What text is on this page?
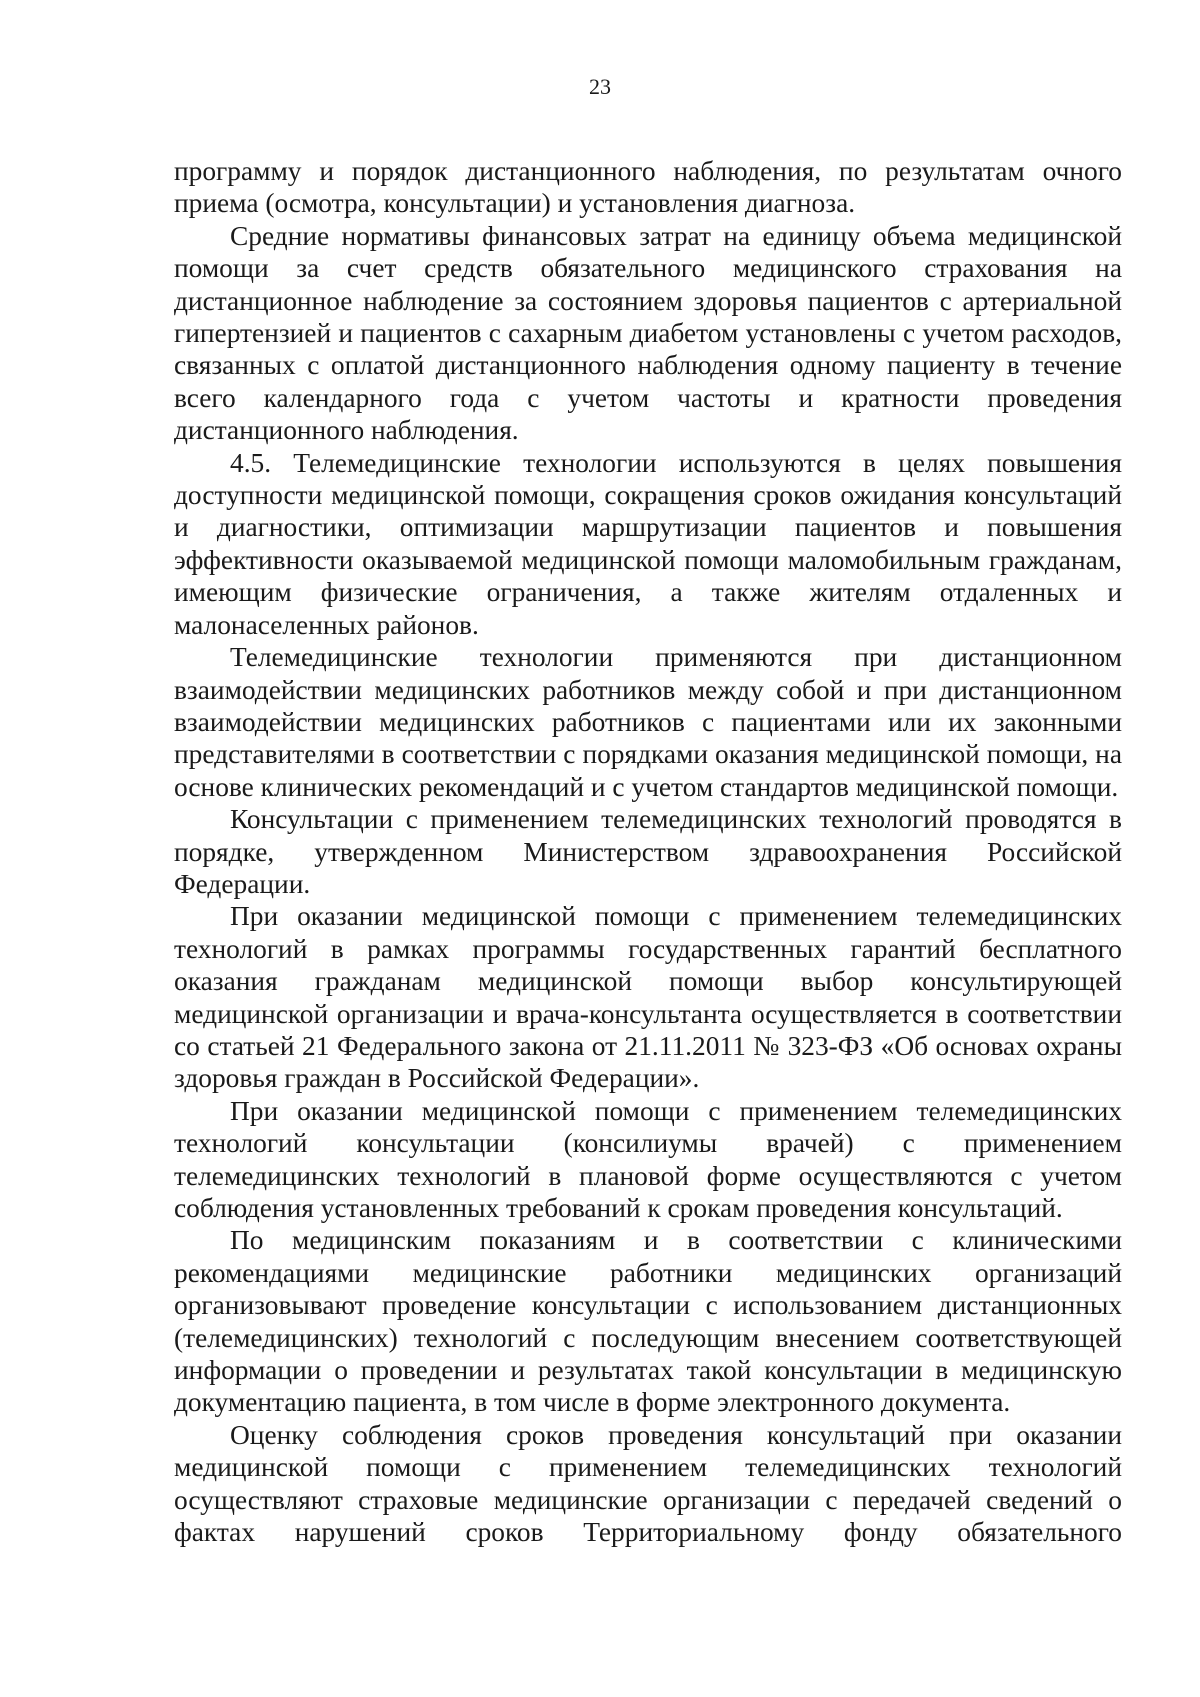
23

программу и порядок дистанционного наблюдения, по результатам очного приема (осмотра, консультации) и установления диагноза.

Средние нормативы финансовых затрат на единицу объема медицинской помощи за счет средств обязательного медицинского страхования на дистанционное наблюдение за состоянием здоровья пациентов с артериальной гипертензией и пациентов с сахарным диабетом установлены с учетом расходов, связанных с оплатой дистанционного наблюдения одному пациенту в течение всего календарного года с учетом частоты и кратности проведения дистанционного наблюдения.

4.5. Телемедицинские технологии используются в целях повышения доступности медицинской помощи, сокращения сроков ожидания консультаций и диагностики, оптимизации маршрутизации пациентов и повышения эффективности оказываемой медицинской помощи маломобильным гражданам, имеющим физические ограничения, а также жителям отдаленных и малонаселенных районов.

Телемедицинские технологии применяются при дистанционном взаимодействии медицинских работников между собой и при дистанционном взаимодействии медицинских работников с пациентами или их законными представителями в соответствии с порядками оказания медицинской помощи, на основе клинических рекомендаций и с учетом стандартов медицинской помощи.

Консультации с применением телемедицинских технологий проводятся в порядке, утвержденном Министерством здравоохранения Российской Федерации.

При оказании медицинской помощи с применением телемедицинских технологий в рамках программы государственных гарантий бесплатного оказания гражданам медицинской помощи выбор консультирующей медицинской организации и врача-консультанта осуществляется в соответствии со статьей 21 Федерального закона от 21.11.2011 № 323-ФЗ «Об основах охраны здоровья граждан в Российской Федерации».

При оказании медицинской помощи с применением телемедицинских технологий консультации (консилиумы врачей) с применением телемедицинских технологий в плановой форме осуществляются с учетом соблюдения установленных требований к срокам проведения консультаций.

По медицинским показаниям и в соответствии с клиническими рекомендациями медицинские работники медицинских организаций организовывают проведение консультации с использованием дистанционных (телемедицинских) технологий с последующим внесением соответствующей информации о проведении и результатах такой консультации в медицинскую документацию пациента, в том числе в форме электронного документа.

Оценку соблюдения сроков проведения консультаций при оказании медицинской помощи с применением телемедицинских технологий осуществляют страховые медицинские организации с передачей сведений о фактах нарушений сроков Территориальному фонду обязательного
